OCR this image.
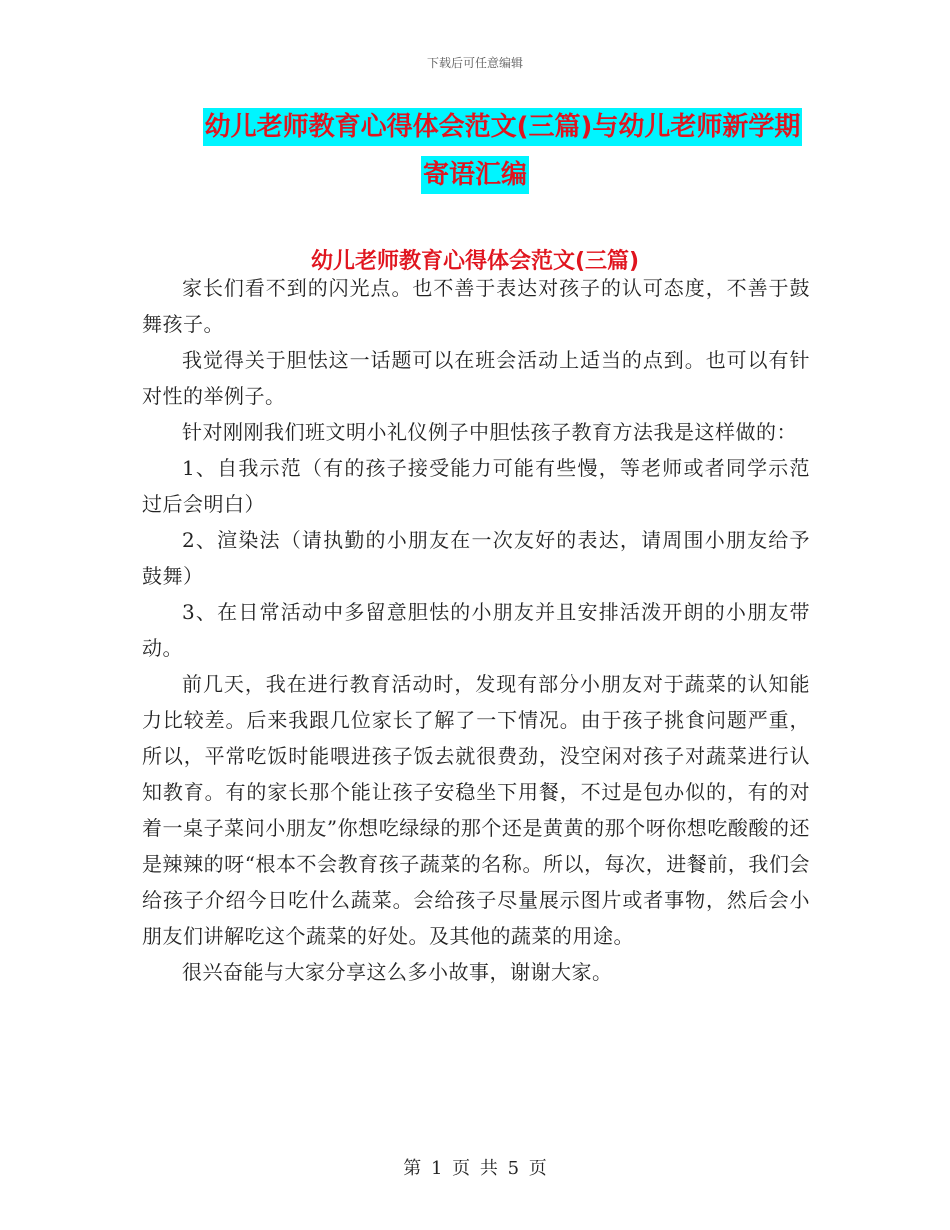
下载后可任意编辑
幼儿老师教育心得体会范文(三篇)与幼儿老师新学期
寄语汇编
幼儿老师教育心得体会范文(三篇)

家长们看不到的闪光点。也不善于表达对孩子的认可态度，不善于鼓舞孩子。

我觉得关于胆怯这一话题可以在班会活动上适当的点到。也可以有针对性的举例子。

针对刚刚我们班文明小礼仪例子中胆怯孩子教育方法我是这样做的：

1、自我示范（有的孩子接受能力可能有些慢，等老师或者同学示范过后会明白）

2、渲染法（请执勤的小朋友在一次友好的表达，请周围小朋友给予鼓舞）

3、在日常活动中多留意胆怯的小朋友并且安排活泼开朗的小朋友带动。

前几天，我在进行教育活动时，发现有部分小朋友对于蔬菜的认知能力比较差。后来我跟几位家长了解了一下情况。由于孩子挑食问题严重，所以，平常吃饭时能喂进孩子饭去就很费劲，没空闲对孩子对蔬菜进行认知教育。有的家长那个能让孩子安稳坐下用餐，不过是包办似的，有的对着一桌子菜问小朋友”你想吃绿绿的那个还是黄黄的那个呀你想吃酸酸的还是辣辣的呀“根本不会教育孩子蔬菜的名称。所以，每次，进餐前，我们会给孩子介绍今日吃什么蔬菜。会给孩子尽量展示图片或者事物，然后会小朋友们讲解吃这个蔬菜的好处。及其他的蔬菜的用途。

很兴奋能与大家分享这么多小故事，谢谢大家。

第 1 页 共 5 页
